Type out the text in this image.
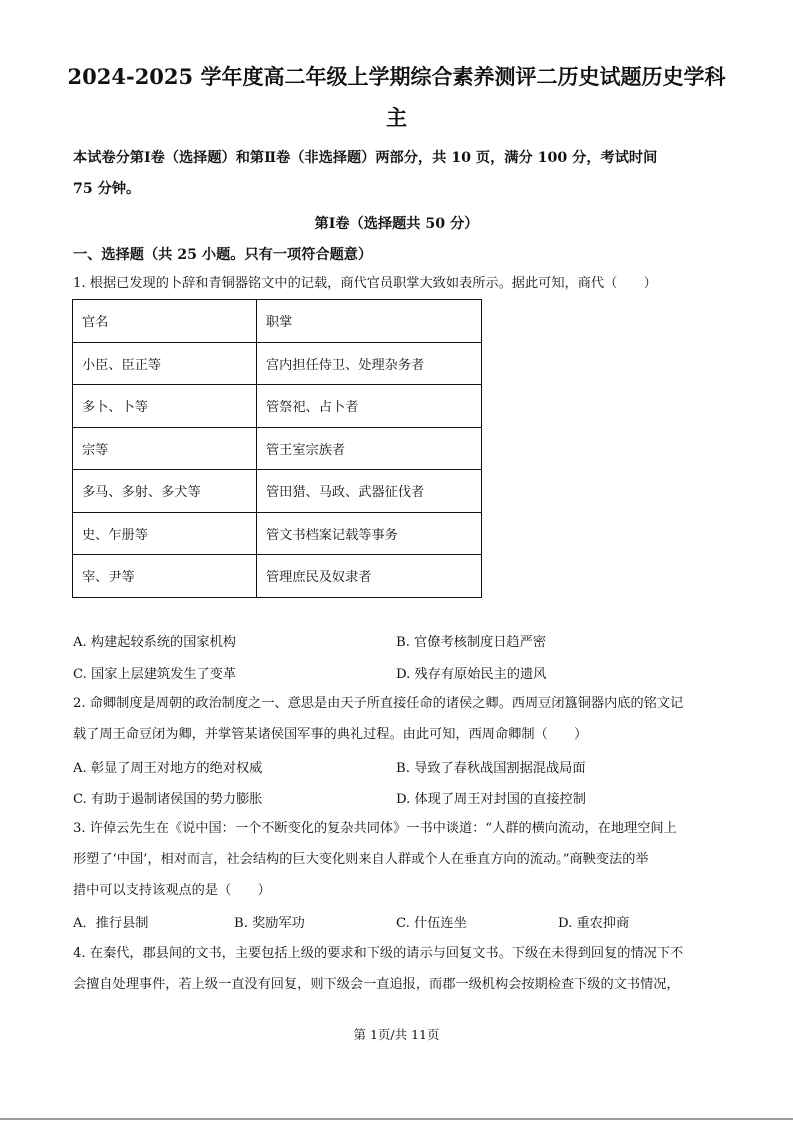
2024-2025 学年度高二年级上学期综合素养测评二历史试题历史学科
主
本试卷分第Ⅰ卷（选择题）和第Ⅱ卷（非选择题）两部分，共 10 页，满分 100 分，考试时间
75 分钟。
第Ⅰ卷（选择题共 50 分）
一、选择题（共 25 小题。只有一项符合题意）
1. 根据已发现的卜辞和青铜器铭文中的记载，商代官员职掌大致如表所示。据此可知，商代（　　）
官名	职掌
小臣、臣正等	宫内担任侍卫、处理杂务者
多卜、卜等	管祭祀、占卜者
宗等	管王室宗族者
多马、多射、多犬等	管田猎、马政、武器征伐者
史、乍册等	管文书档案记载等事务
宰、尹等	管理庶民及奴隶者
A. 构建起较系统的国家机构	B. 官僚考核制度日趋严密
C. 国家上层建筑发生了变革	D. 残存有原始民主的遗风
2. 命卿制度是周朝的政治制度之一、意思是由天子所直接任命的诸侯之卿。西周豆闭簋铜器内底的铭文记
载了周王命豆闭为卿，并掌管某诸侯国军事的典礼过程。由此可知，西周命卿制（　　）
A. 彰显了周王对地方的绝对权威	B. 导致了春秋战国割据混战局面
C. 有助于遏制诸侯国的势力膨胀	D. 体现了周王对封国的直接控制
3. 许倬云先生在《说中国：一个不断变化的复杂共同体》一书中谈道：“人群的横向流动，在地理空间上
形塑了‘中国’，相对而言，社会结构的巨大变化则来自人群或个人在垂直方向的流动。”商鞅变法的举
措中可以支持该观点的是（　　）
A．推行县制	B. 奖励军功	C. 什伍连坐	D. 重农抑商
4. 在秦代，郡县间的文书，主要包括上级的要求和下级的请示与回复文书。下级在未得到回复的情况下不
会擅自处理事件，若上级一直没有回复，则下级会一直追报，而郡一级机构会按期检查下级的文书情况，
第 1页/共 11页
